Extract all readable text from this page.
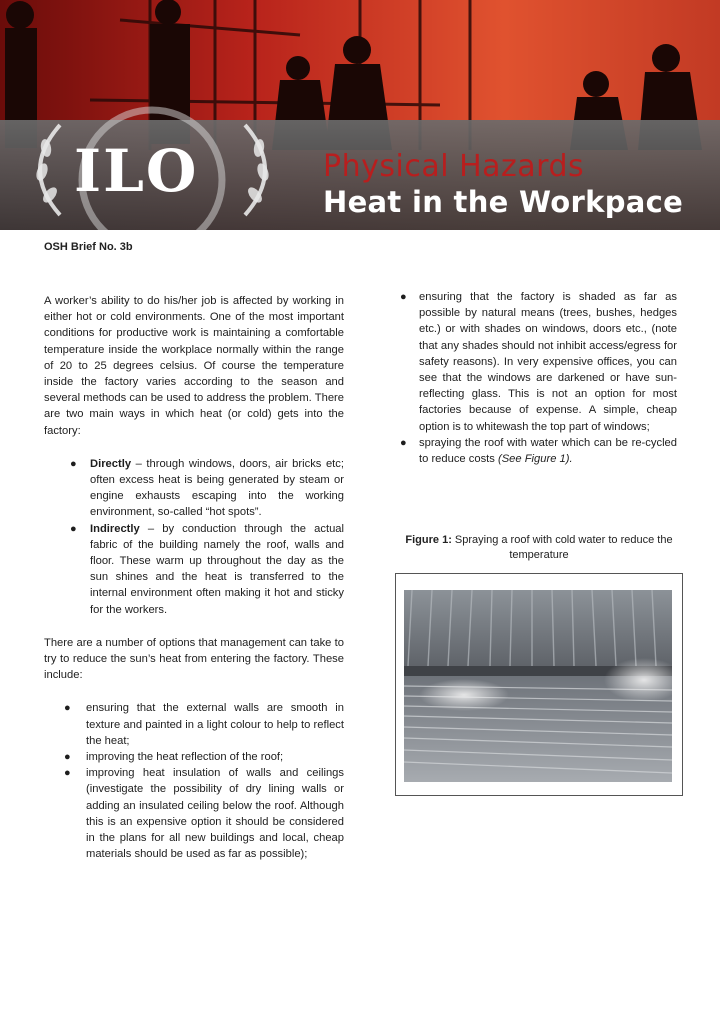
ILO	Physical Hazards
Heat in the Workpace
OSH Brief No. 3b

A worker’s ability to do his/her job is affected by working in either hot or cold environments. One of the most important conditions for productive work is maintaining a comfortable temperature inside the workplace normally within the range of 20 to 25 degrees celsius. Of course the temperature inside the factory varies according to the season and several methods can be used to address the problem. There are two main ways in which heat (or cold) gets into the factory:

● Directly – through windows, doors, air bricks etc; often excess heat is being generated by steam or engine exhausts escaping into the working environment, so-called “hot spots”.
● Indirectly – by conduction through the actual fabric of the building namely the roof, walls and floor. These warm up throughout the day as the sun shines and the heat is transferred to the internal environment often making it hot and sticky for the workers.

There are a number of options that management can take to try to reduce the sun’s heat from entering the factory. These include:

● ensuring that the external walls are smooth in texture and painted in a light colour to help to reflect the heat;
● improving the heat reflection of the roof;
● improving heat insulation of walls and ceilings (investigate the possibility of dry lining walls or adding an insulated ceiling below the roof. Although this is an expensive option it should be considered in the plans for all new buildings and local, cheap materials should be used as far as possible);
● ensuring that the factory is shaded as far as possible by natural means (trees, bushes, hedges etc.) or with shades on windows, doors etc., (note that any shades should not inhibit access/egress for safety reasons). In very expensive offices, you can see that the windows are darkened or have sun-reflecting glass. This is not an option for most factories because of expense. A simple, cheap option is to whitewash the top part of windows;
● spraying the roof with water which can be re-cycled to reduce costs (See Figure 1).
Figure 1: Spraying a roof with cold water to reduce the temperature
